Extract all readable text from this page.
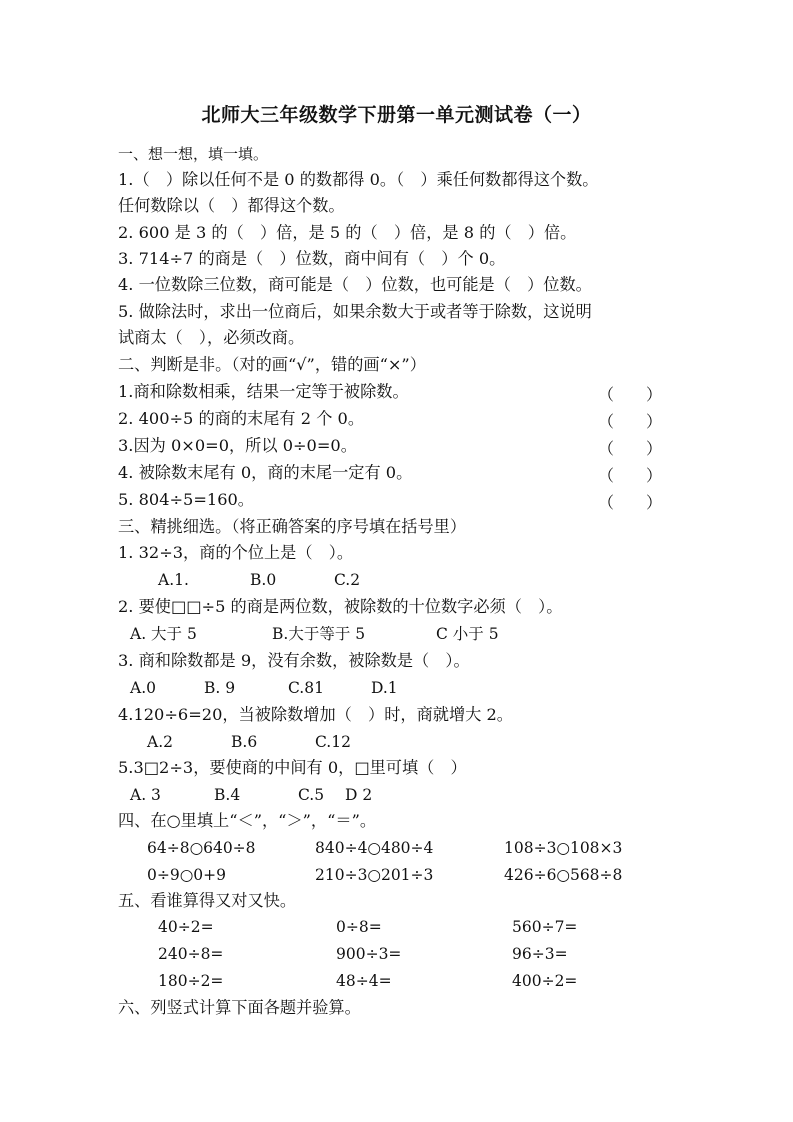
北师大三年级数学下册第一单元测试卷（一）
一、想一想，填一填。
1.（　）除以任何不是 0 的数都得 0。（　）乘任何数都得这个数。
任何数除以（　）都得这个数。
2. 600 是 3 的（　）倍，是 5 的（　）倍，是 8 的（　）倍。
3. 714÷7 的商是（　）位数，商中间有（　）个 0。
4. 一位数除三位数，商可能是（　）位数，也可能是（　）位数。
5. 做除法时，求出一位商后，如果余数大于或者等于除数，这说明
试商太（　），必须改商。
二、判断是非。（对的画“√”，错的画“×”）
1.商和除数相乘，结果一定等于被除数。	（　　）
2. 400÷5 的商的末尾有 2 个 0。	（　　）
3.因为 0×0=0，所以 0÷0=0。	（　　）
4. 被除数末尾有 0，商的末尾一定有 0。	（　　）
5. 804÷5=160。	（　　）
三、精挑细选。（将正确答案的序号填在括号里）
1. 32÷3，商的个位上是（　）。
A.1.	B.0	C.2
2. 要使□□÷5 的商是两位数，被除数的十位数字必须（　）。
A. 大于 5	B.大于等于 5	C 小于 5
3. 商和除数都是 9，没有余数，被除数是（　）。
A.0	B. 9	C.81	D.1
4.120÷6=20，当被除数增加（　）时，商就增大 2。
A.2	B.6	C.12
5.3□2÷3，要使商的中间有 0，□里可填（　）
A. 3	B.4	C.5 D 2
四、在○里填上“＜”，“＞”，“＝”。
64÷8○640÷8	840÷4○480÷4	108÷3○108×3
0÷9○0+9	210÷3○201÷3	426÷6○568÷8
五、看谁算得又对又快。
40÷2=	0÷8=	560÷7=
240÷8=	900÷3=	96÷3=
180÷2=	48÷4=	400÷2=
六、列竖式计算下面各题并验算。
